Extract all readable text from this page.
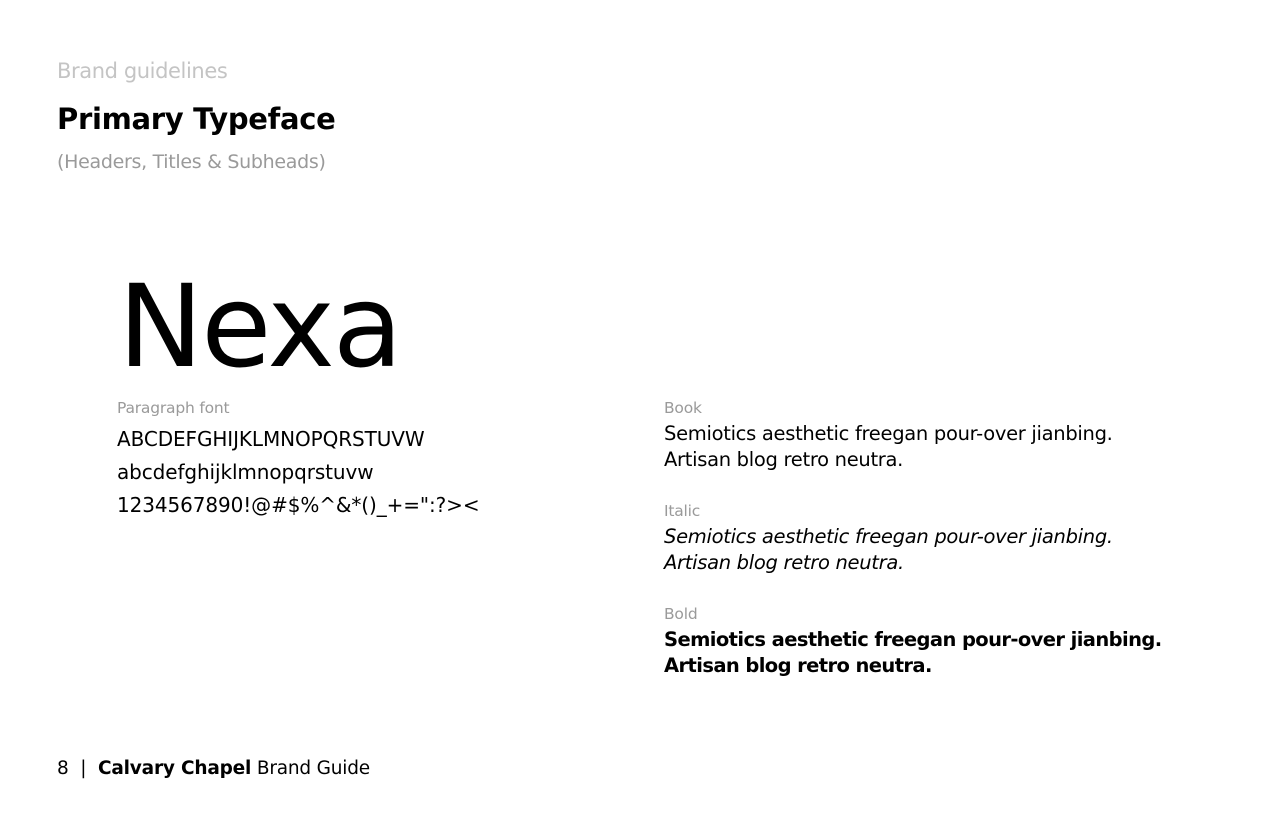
Brand guidelines
Primary Typeface
(Headers, Titles & Subheads)
Nexa
Paragraph font
ABCDEFGHIJKLMNOPQRSTUVW
abcdefghijklmnopqrstuvw
1234567890!@#$%^&*()_+=":?><
Book
Semiotics aesthetic freegan pour-over jianbing.
Artisan blog retro neutra.
Italic
Semiotics aesthetic freegan pour-over jianbing.
Artisan blog retro neutra.
Bold
Semiotics aesthetic freegan pour-over jianbing.
Artisan blog retro neutra.
8 | Calvary Chapel Brand Guide
